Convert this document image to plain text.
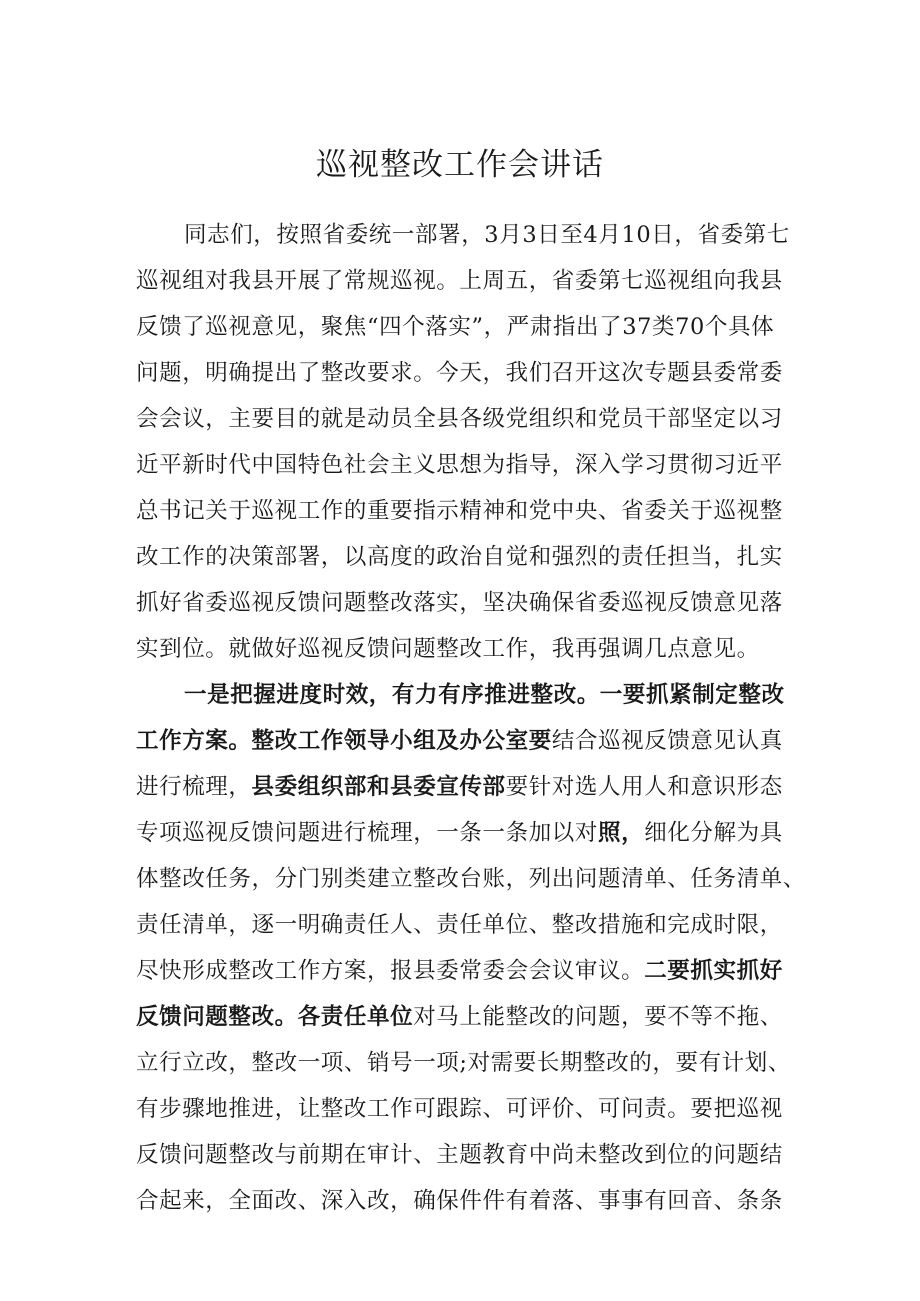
巡视整改工作会讲话
同志们，按照省委统一部署，3月3日至4月10日，省委第七
巡视组对我县开展了常规巡视。上周五，省委第七巡视组向我县
反馈了巡视意见，聚焦“四个落实”，严肃指出了37类70个具体
问题，明确提出了整改要求。今天，我们召开这次专题县委常委
会会议，主要目的就是动员全县各级党组织和党员干部坚定以习
近平新时代中国特色社会主义思想为指导，深入学习贯彻习近平
总书记关于巡视工作的重要指示精神和党中央、省委关于巡视整
改工作的决策部署，以高度的政治自觉和强烈的责任担当，扎实
抓好省委巡视反馈问题整改落实，坚决确保省委巡视反馈意见落
实到位。就做好巡视反馈问题整改工作，我再强调几点意见。
一是把握进度时效，有力有序推进整改。一要抓紧制定整改
工作方案。整改工作领导小组及办公室要结合巡视反馈意见认真
进行梳理，县委组织部和县委宣传部要针对选人用人和意识形态
专项巡视反馈问题进行梳理，一条一条加以对照，细化分解为具
体整改任务，分门别类建立整改台账，列出问题清单、任务清单、
责任清单，逐一明确责任人、责任单位、整改措施和完成时限，
尽快形成整改工作方案，报县委常委会会议审议。二要抓实抓好
反馈问题整改。各责任单位对马上能整改的问题，要不等不拖、
立行立改，整改一项、销号一项;对需要长期整改的，要有计划、
有步骤地推进，让整改工作可跟踪、可评价、可问责。要把巡视
反馈问题整改与前期在审计、主题教育中尚未整改到位的问题结
合起来，全面改、深入改，确保件件有着落、事事有回音、条条
